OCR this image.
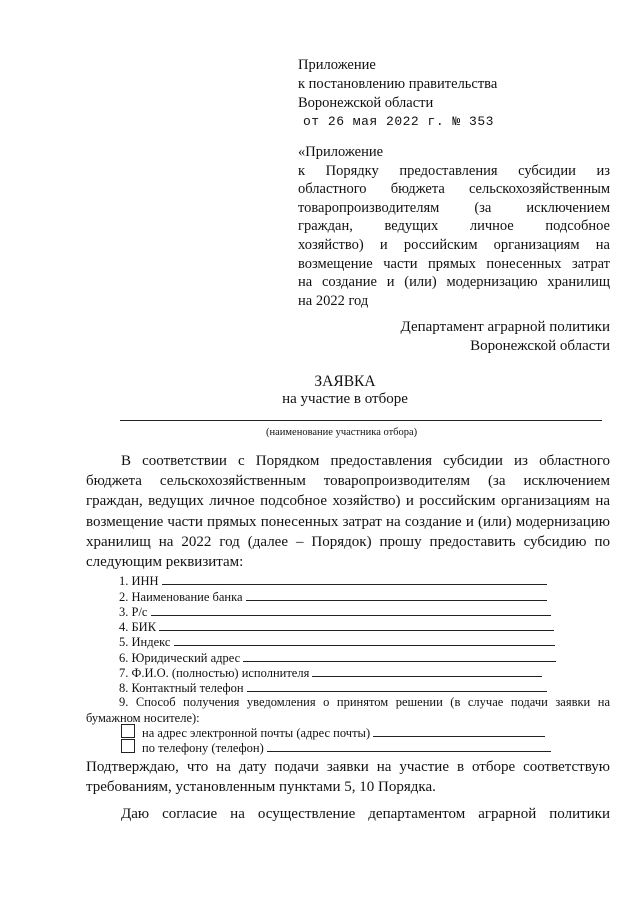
Приложение
к постановлению правительства
Воронежской области
от 26 мая 2022 г. № 353
«Приложение
к Порядку предоставления субсидии из
областного бюджета сельскохозяйственным
товаропроизводителям (за исключением
граждан, ведущих личное подсобное
хозяйство) и российским организациям на
возмещение части прямых понесенных затрат
на создание и (или) модернизацию хранилищ
на 2022 год
Департамент аграрной политики
Воронежской области
ЗАЯВКА
на участие в отборе
(наименование участника отбора)
В соответствии с Порядком предоставления субсидии из областного бюджета сельскохозяйственным товаропроизводителям (за исключением граждан, ведущих личное подсобное хозяйство) и российским организациям на возмещение части прямых понесенных затрат на создание и (или) модернизацию хранилищ на 2022 год (далее – Порядок) прошу предоставить субсидию по следующим реквизитам:
1. ИНН
2. Наименование банка
3. Р/с
4. БИК
5. Индекс
6. Юридический адрес
7. Ф.И.О. (полностью) исполнителя
8. Контактный телефон
9. Способ получения уведомления о принятом решении (в случае подачи заявки на
бумажном носителе):
на адрес электронной почты (адрес почты)
по телефону (телефон)
Подтверждаю, что на дату подачи заявки на участие в отборе соответствую
требованиям, установленным пунктами 5, 10 Порядка.
Даю согласие на осуществление департаментом аграрной политики
